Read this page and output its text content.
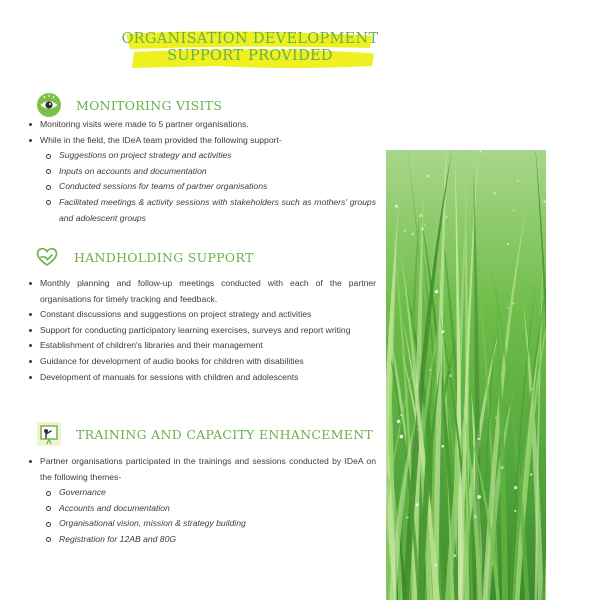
ORGANISATION DEVELOPMENT
SUPPORT PROVIDED
MONITORING VISITS
Monitoring visits were made to 5 partner organisations.
While in the field, the IDeA team provided the following support-
Suggestions on project strategy and activities
Inputs on accounts and documentation
Conducted sessions for teams of partner organisations
Facilitated meetings & activity sessions with stakeholders such as mothers' groups and adolescent groups
HANDHOLDING SUPPORT
Monthly planning and follow-up meetings conducted with each of the partner organisations for timely tracking and feedback.
Constant discussions and suggestions on project strategy and activities
Support for conducting participatory learning exercises, surveys and report writing
Establishment of children's libraries and their management
Guidance for development of audio books for children with disabilities
Development of manuals for sessions with children and adolescents
TRAINING AND CAPACITY ENHANCEMENT
Partner organisations participated in the trainings and sessions conducted by IDeA on the following themes-
Governance
Accounts and documentation
Organisational vision, mission & strategy building
Registration for 12AB and 80G
